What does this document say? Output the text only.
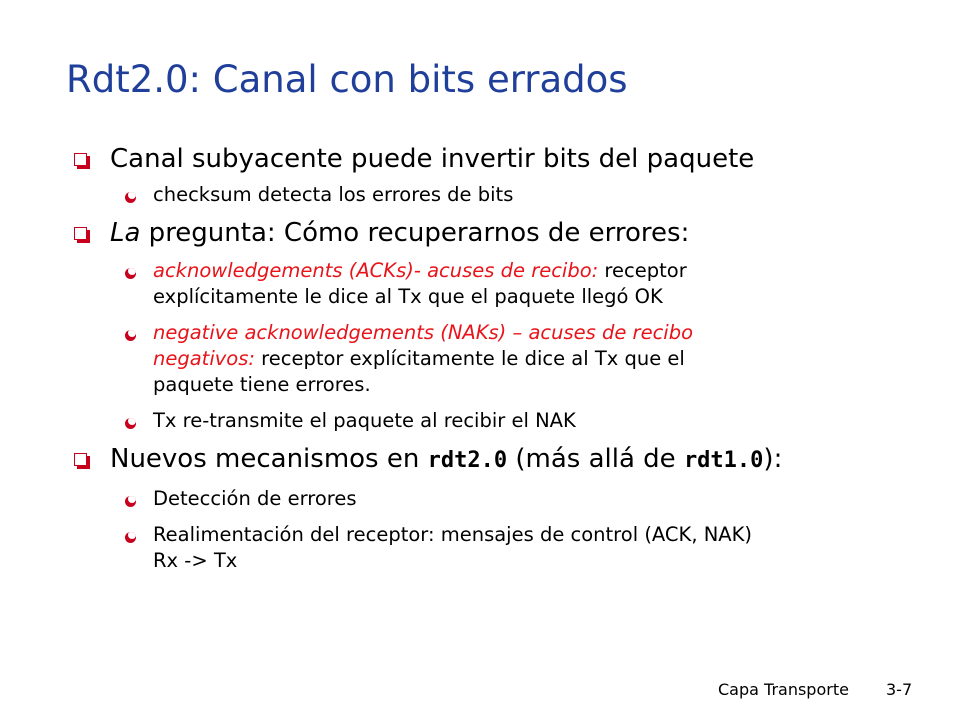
Rdt2.0: Canal con bits errados
Canal subyacente puede invertir bits del paquete
checksum detecta los errores de bits
La pregunta: Cómo recuperarnos de errores:
acknowledgements (ACKs)- acuses de recibo: receptor
explícitamente le dice al Tx que el paquete llegó OK
negative acknowledgements (NAKs) – acuses de recibo
negativos: receptor explícitamente le dice al Tx que el
paquete tiene errores.
Tx re-transmite el paquete al recibir el NAK
Nuevos mecanismos en rdt2.0 (más allá de rdt1.0):
Detección de errores
Realimentación del receptor: mensajes de control (ACK, NAK)
Rx -> Tx
Capa Transporte 3-7
